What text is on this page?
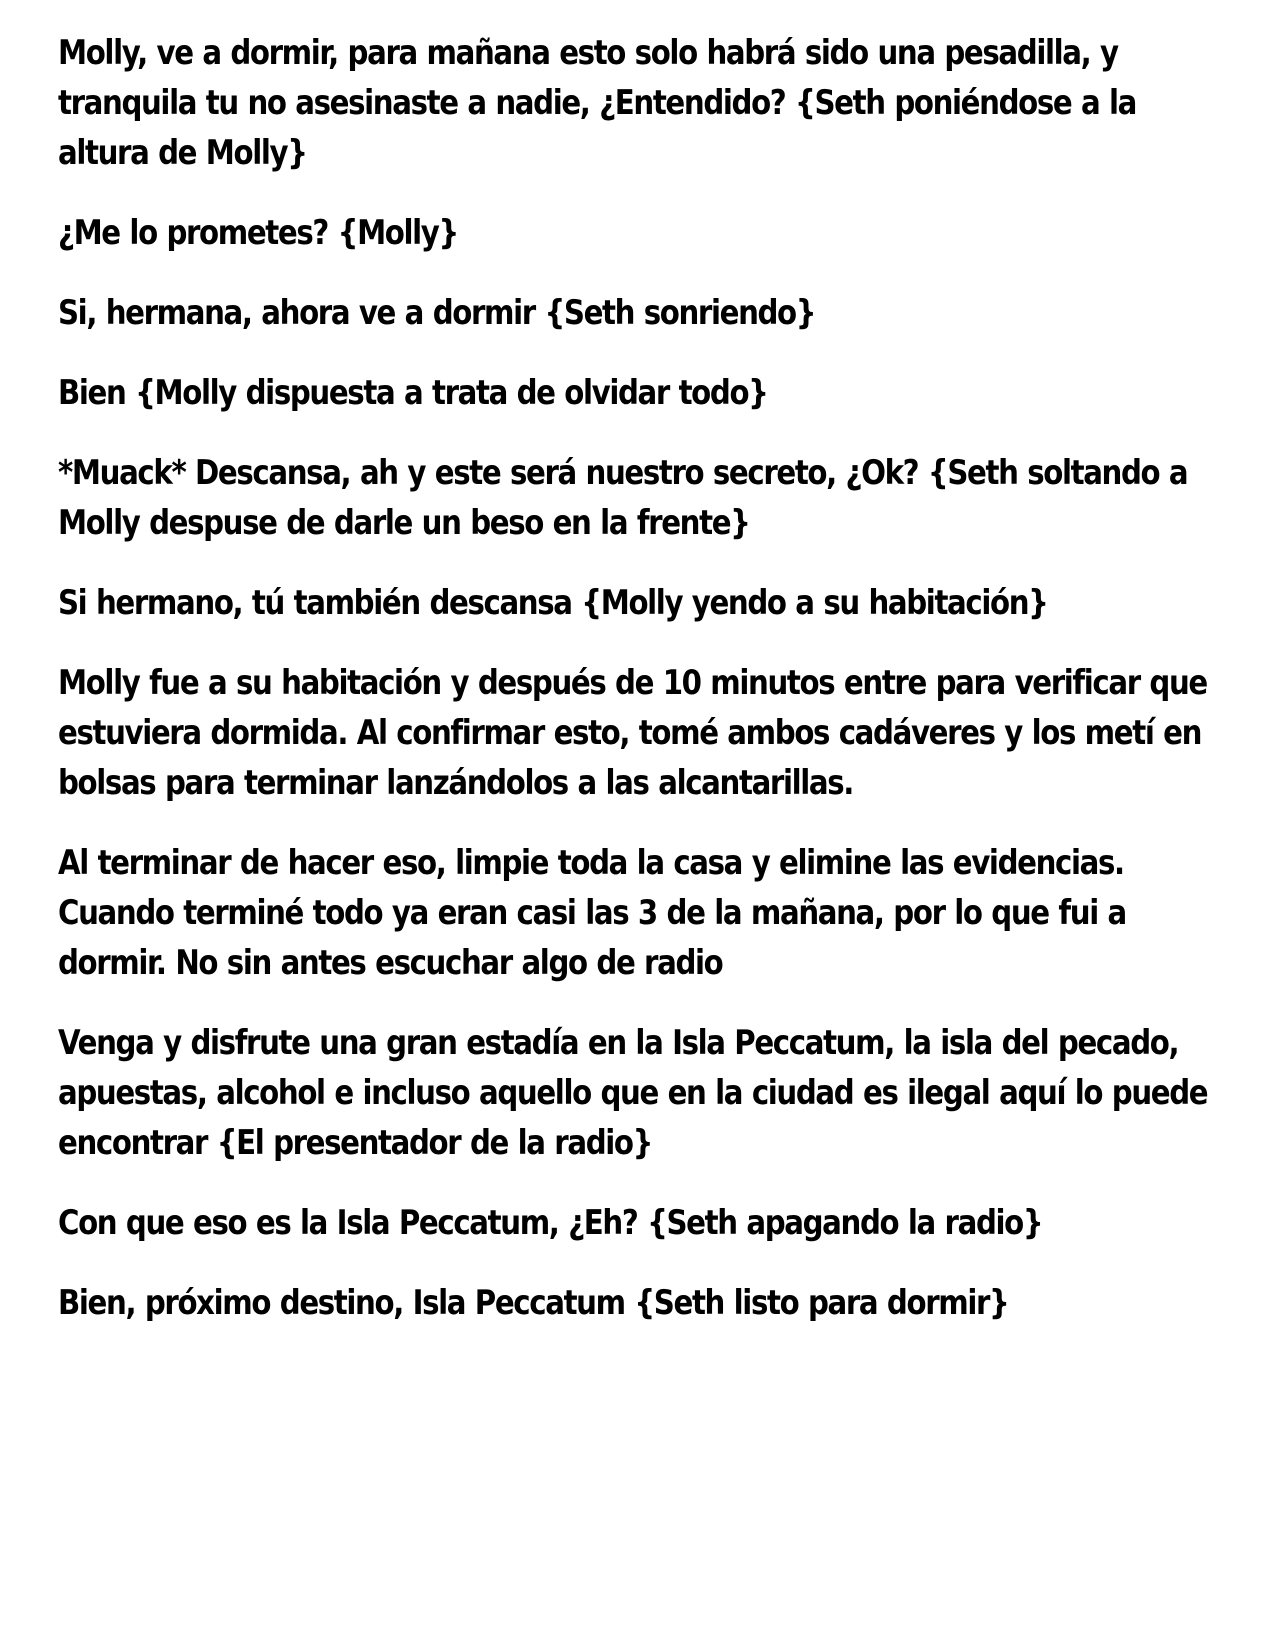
Molly, ve a dormir, para mañana esto solo habrá sido una pesadilla, y tranquila tu no asesinaste a nadie, ¿Entendido? {Seth poniéndose a la altura de Molly}

¿Me lo prometes? {Molly}

Si, hermana, ahora ve a dormir {Seth sonriendo}

Bien {Molly dispuesta a trata de olvidar todo}

*Muack* Descansa, ah y este será nuestro secreto, ¿Ok? {Seth soltando a Molly despuse de darle un beso en la frente}

Si hermano, tú también descansa {Molly yendo a su habitación}

Molly fue a su habitación y después de 10 minutos entre para verificar que estuviera dormida. Al confirmar esto, tomé ambos cadáveres y los metí en bolsas para terminar lanzándolos a las alcantarillas.

Al terminar de hacer eso, limpie toda la casa y elimine las evidencias. Cuando terminé todo ya eran casi las 3 de la mañana, por lo que fui a dormir. No sin antes escuchar algo de radio

Venga y disfrute una gran estadía en la Isla Peccatum, la isla del pecado, apuestas, alcohol e incluso aquello que en la ciudad es ilegal aquí lo puede encontrar {El presentador de la radio}

Con que eso es la Isla Peccatum, ¿Eh? {Seth apagando la radio}

Bien, próximo destino, Isla Peccatum {Seth listo para dormir}
